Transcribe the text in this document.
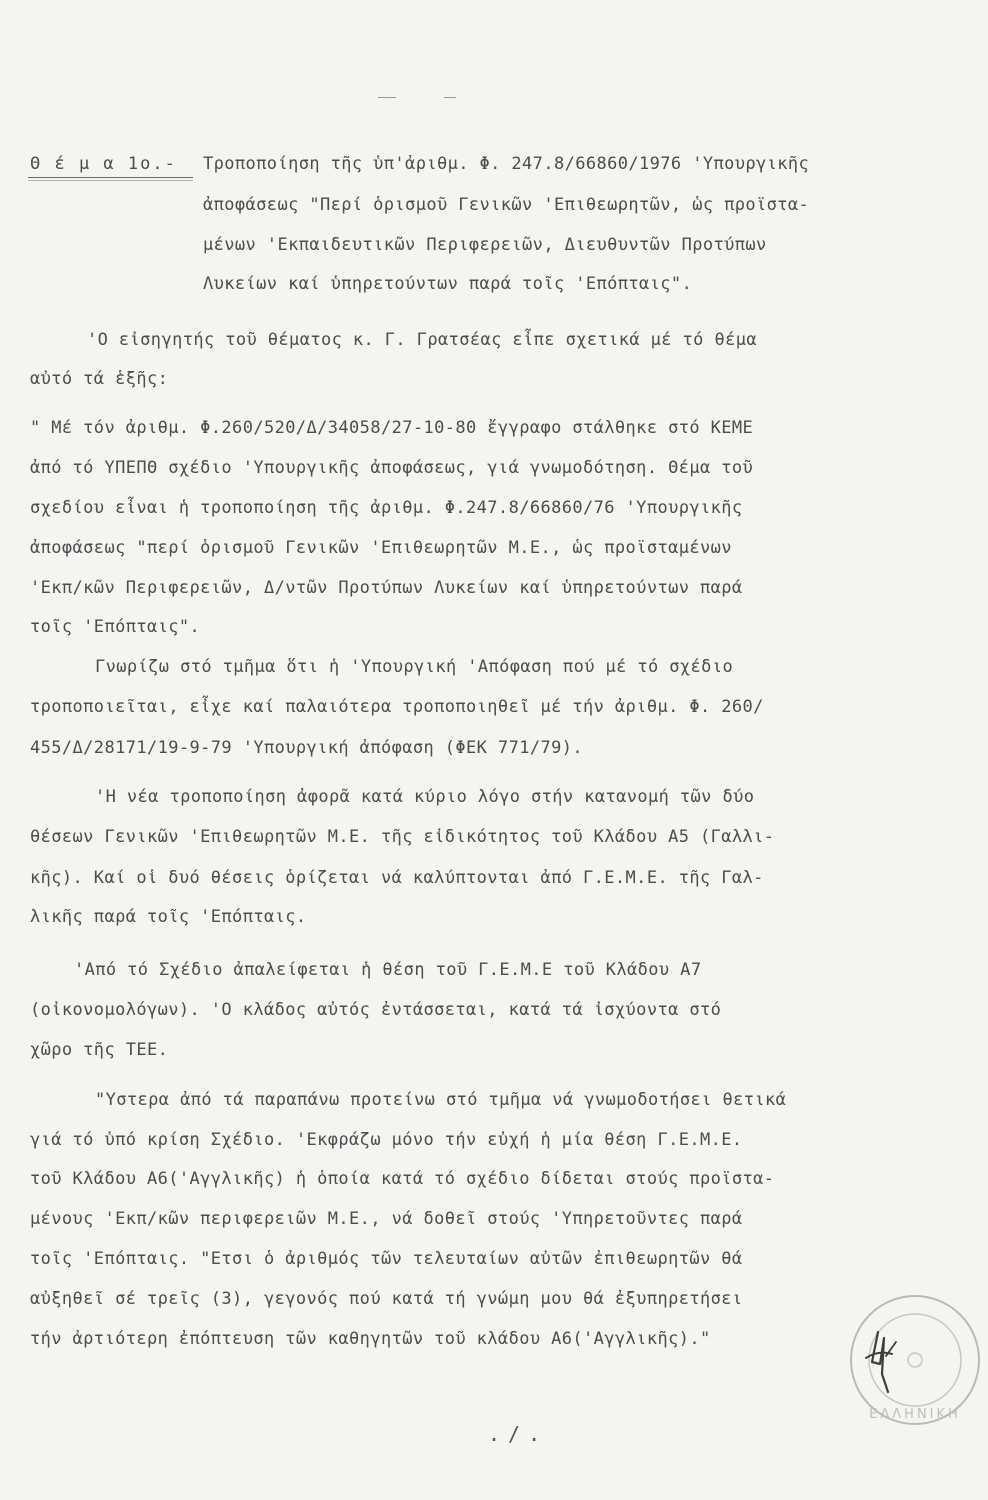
Θ έ μ α 1ο.- Τροποποίηση τῆς ὑπ'ἀριθμ. Φ. 247.8/66860/1976 'Υπουργικῆς
ἀποφάσεως "Περί ὁρισμοῦ Γενικῶν 'Επιθεωρητῶν, ὡς προϊστα-
μένων 'Εκπαιδευτικῶν Περιφερειῶν, Διευθυντῶν Προτύπων
Λυκείων καί ὑπηρετούντων παρά τοῖς 'Επόπταις".
'Ο εἰσηγητής τοῦ θέματος κ. Γ. Γρατσέας εἶπε σχετικά μέ τό θέμα
αὐτό τά ἑξῆς:
" Μέ τόν ἀριθμ. Φ.260/520/Δ/34058/27-10-80 ἔγγραφο στάλθηκε στό ΚΕΜΕ
ἀπό τό ΥΠΕΠΘ σχέδιο 'Υπουργικῆς ἀποφάσεως, γιά γνωμοδότηση. Θέμα τοῦ
σχεδίου εἶναι ἡ τροποποίηση τῆς ἀριθμ. Φ.247.8/66860/76 'Υπουργικῆς
ἀποφάσεως "περί ὁρισμοῦ Γενικῶν 'Επιθεωρητῶν Μ.Ε., ὡς προϊσταμένων
'Εκπ/κῶν Περιφερειῶν, Δ/ντῶν Προτύπων Λυκείων καί ὑπηρετούντων παρά
τοῖς 'Επόπταις".
Γνωρίζω στό τμῆμα ὅτι ἡ 'Υπουργική 'Απόφαση πού μέ τό σχέδιο
τροποποιεῖται, εἶχε καί παλαιότερα τροποποιηθεῖ μέ τήν ἀριθμ. Φ. 260/
455/Δ/28171/19-9-79 'Υπουργική ἀπόφαση (ΦΕΚ 771/79).
'Η νέα τροποποίηση ἀφορᾶ κατά κύριο λόγο στήν κατανομή τῶν δύο
θέσεων Γενικῶν 'Επιθεωρητῶν Μ.Ε. τῆς εἰδικότητος τοῦ Κλάδου Α5 (Γαλλι-
κῆς). Καί οἱ δυό θέσεις ὁρίζεται νά καλύπτονται ἀπό Γ.Ε.Μ.Ε. τῆς Γαλ-
λικῆς παρά τοῖς 'Επόπταις.
'Από τό Σχέδιο ἀπαλείφεται ἡ θέση τοῦ Γ.Ε.Μ.Ε τοῦ Κλάδου Α7
(οἰκονομολόγων). 'Ο κλάδος αὐτός ἐντάσσεται, κατά τά ἰσχύοντα στό
χῶρο τῆς ΤΕΕ.
"Υστερα ἀπό τά παραπάνω προτείνω στό τμῆμα νά γνωμοδοτήσει θετικά
γιά τό ὑπό κρίση Σχέδιο. 'Εκφράζω μόνο τήν εὐχή ἡ μία θέση Γ.Ε.Μ.Ε.
τοῦ Κλάδου Α6('Αγγλικῆς) ἡ ὁποία κατά τό σχέδιο δίδεται στούς προϊστα-
μένους 'Εκπ/κῶν περιφερειῶν Μ.Ε., νά δοθεῖ στούς 'Υπηρετοῦντες παρά
τοῖς 'Επόπταις. "Ετσι ὁ ἀριθμός τῶν τελευταίων αὐτῶν ἐπιθεωρητῶν θά
αὐξηθεῖ σέ τρεῖς (3), γεγονός πού κατά τή γνώμη μου θά ἐξυπηρετήσει
τήν ἀρτιότερη ἐπόπτευση τῶν καθηγητῶν τοῦ κλάδου Α6('Αγγλικῆς)."
ΕΛΛΗΝΙΚΗ
./.
